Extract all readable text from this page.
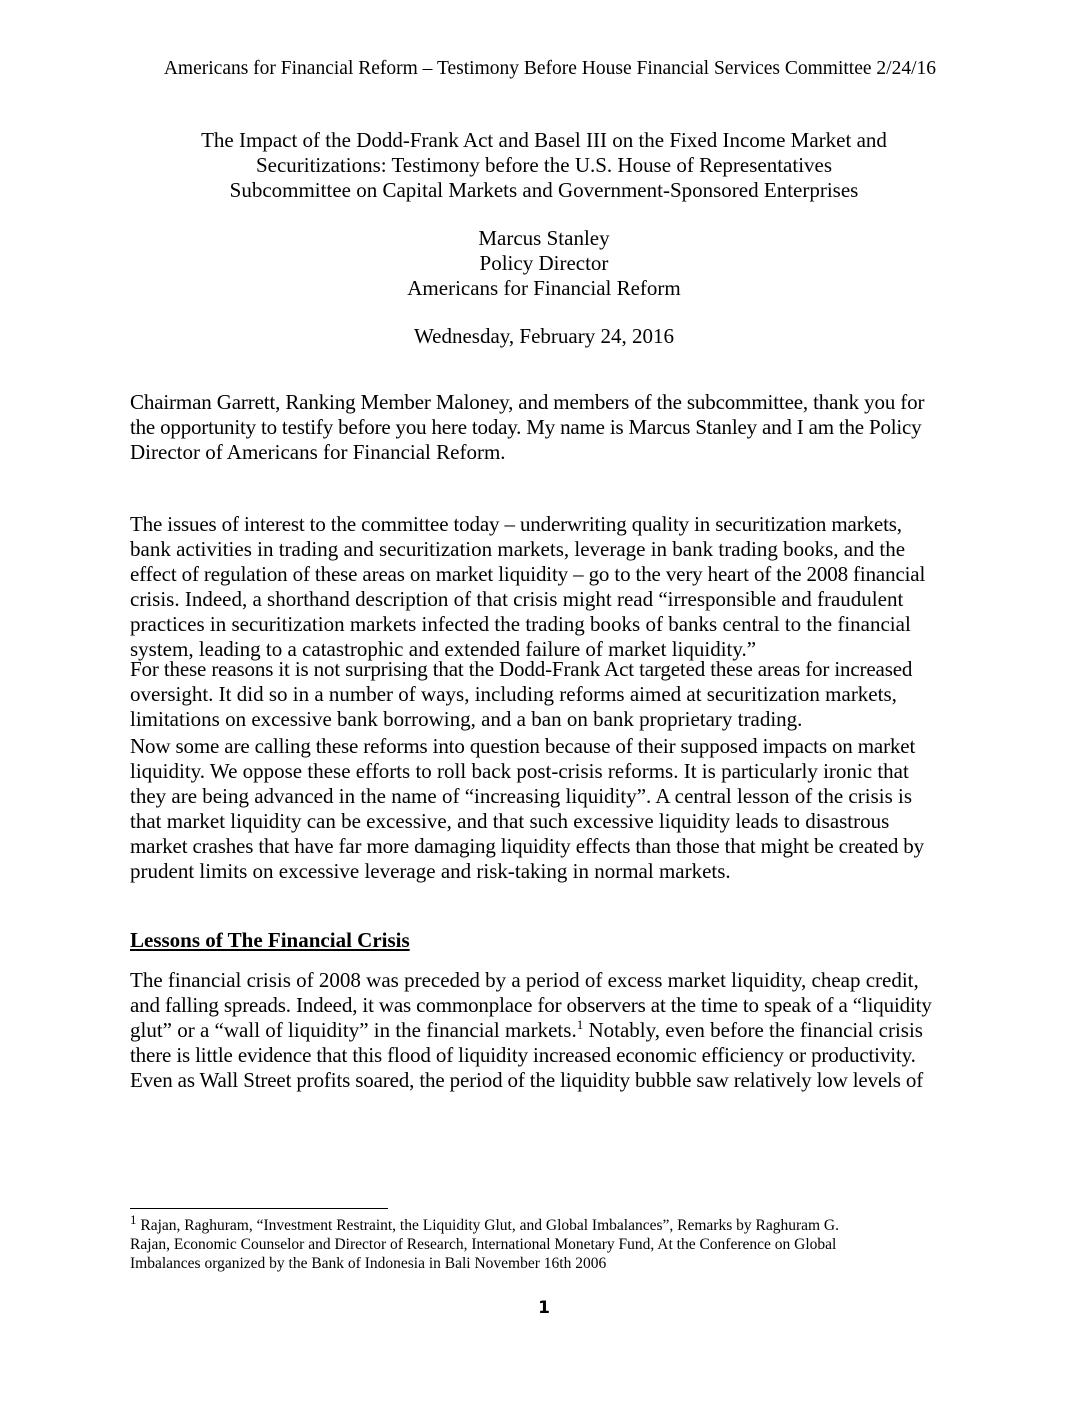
Americans for Financial Reform – Testimony Before House Financial Services Committee 2/24/16
The Impact of the Dodd-Frank Act and Basel III on the Fixed Income Market and
Securitizations: Testimony before the U.S. House of Representatives
Subcommittee on Capital Markets and Government-Sponsored Enterprises
Marcus Stanley
Policy Director
Americans for Financial Reform
Wednesday, February 24, 2016
Chairman Garrett, Ranking Member Maloney, and members of the subcommittee, thank you for
the opportunity to testify before you here today. My name is Marcus Stanley and I am the Policy
Director of Americans for Financial Reform.
The issues of interest to the committee today – underwriting quality in securitization markets,
bank activities in trading and securitization markets, leverage in bank trading books, and the
effect of regulation of these areas on market liquidity – go to the very heart of the 2008 financial
crisis. Indeed, a shorthand description of that crisis might read “irresponsible and fraudulent
practices in securitization markets infected the trading books of banks central to the financial
system, leading to a catastrophic and extended failure of market liquidity.”
For these reasons it is not surprising that the Dodd-Frank Act targeted these areas for increased
oversight. It did so in a number of ways, including reforms aimed at securitization markets,
limitations on excessive bank borrowing, and a ban on bank proprietary trading.
Now some are calling these reforms into question because of their supposed impacts on market
liquidity. We oppose these efforts to roll back post-crisis reforms. It is particularly ironic that
they are being advanced in the name of “increasing liquidity”. A central lesson of the crisis is
that market liquidity can be excessive, and that such excessive liquidity leads to disastrous
market crashes that have far more damaging liquidity effects than those that might be created by
prudent limits on excessive leverage and risk-taking in normal markets.
Lessons of The Financial Crisis
The financial crisis of 2008 was preceded by a period of excess market liquidity, cheap credit,
and falling spreads. Indeed, it was commonplace for observers at the time to speak of a “liquidity
glut” or a “wall of liquidity” in the financial markets.$^1$ Notably, even before the financial crisis
there is little evidence that this flood of liquidity increased economic efficiency or productivity.
Even as Wall Street profits soared, the period of the liquidity bubble saw relatively low levels of
$^1$ Rajan, Raghuram, “Investment Restraint, the Liquidity Glut, and Global Imbalances”, Remarks by Raghuram G.
Rajan, Economic Counselor and Director of Research, International Monetary Fund, At the Conference on Global
Imbalances organized by the Bank of Indonesia in Bali November 16th 2006
1
